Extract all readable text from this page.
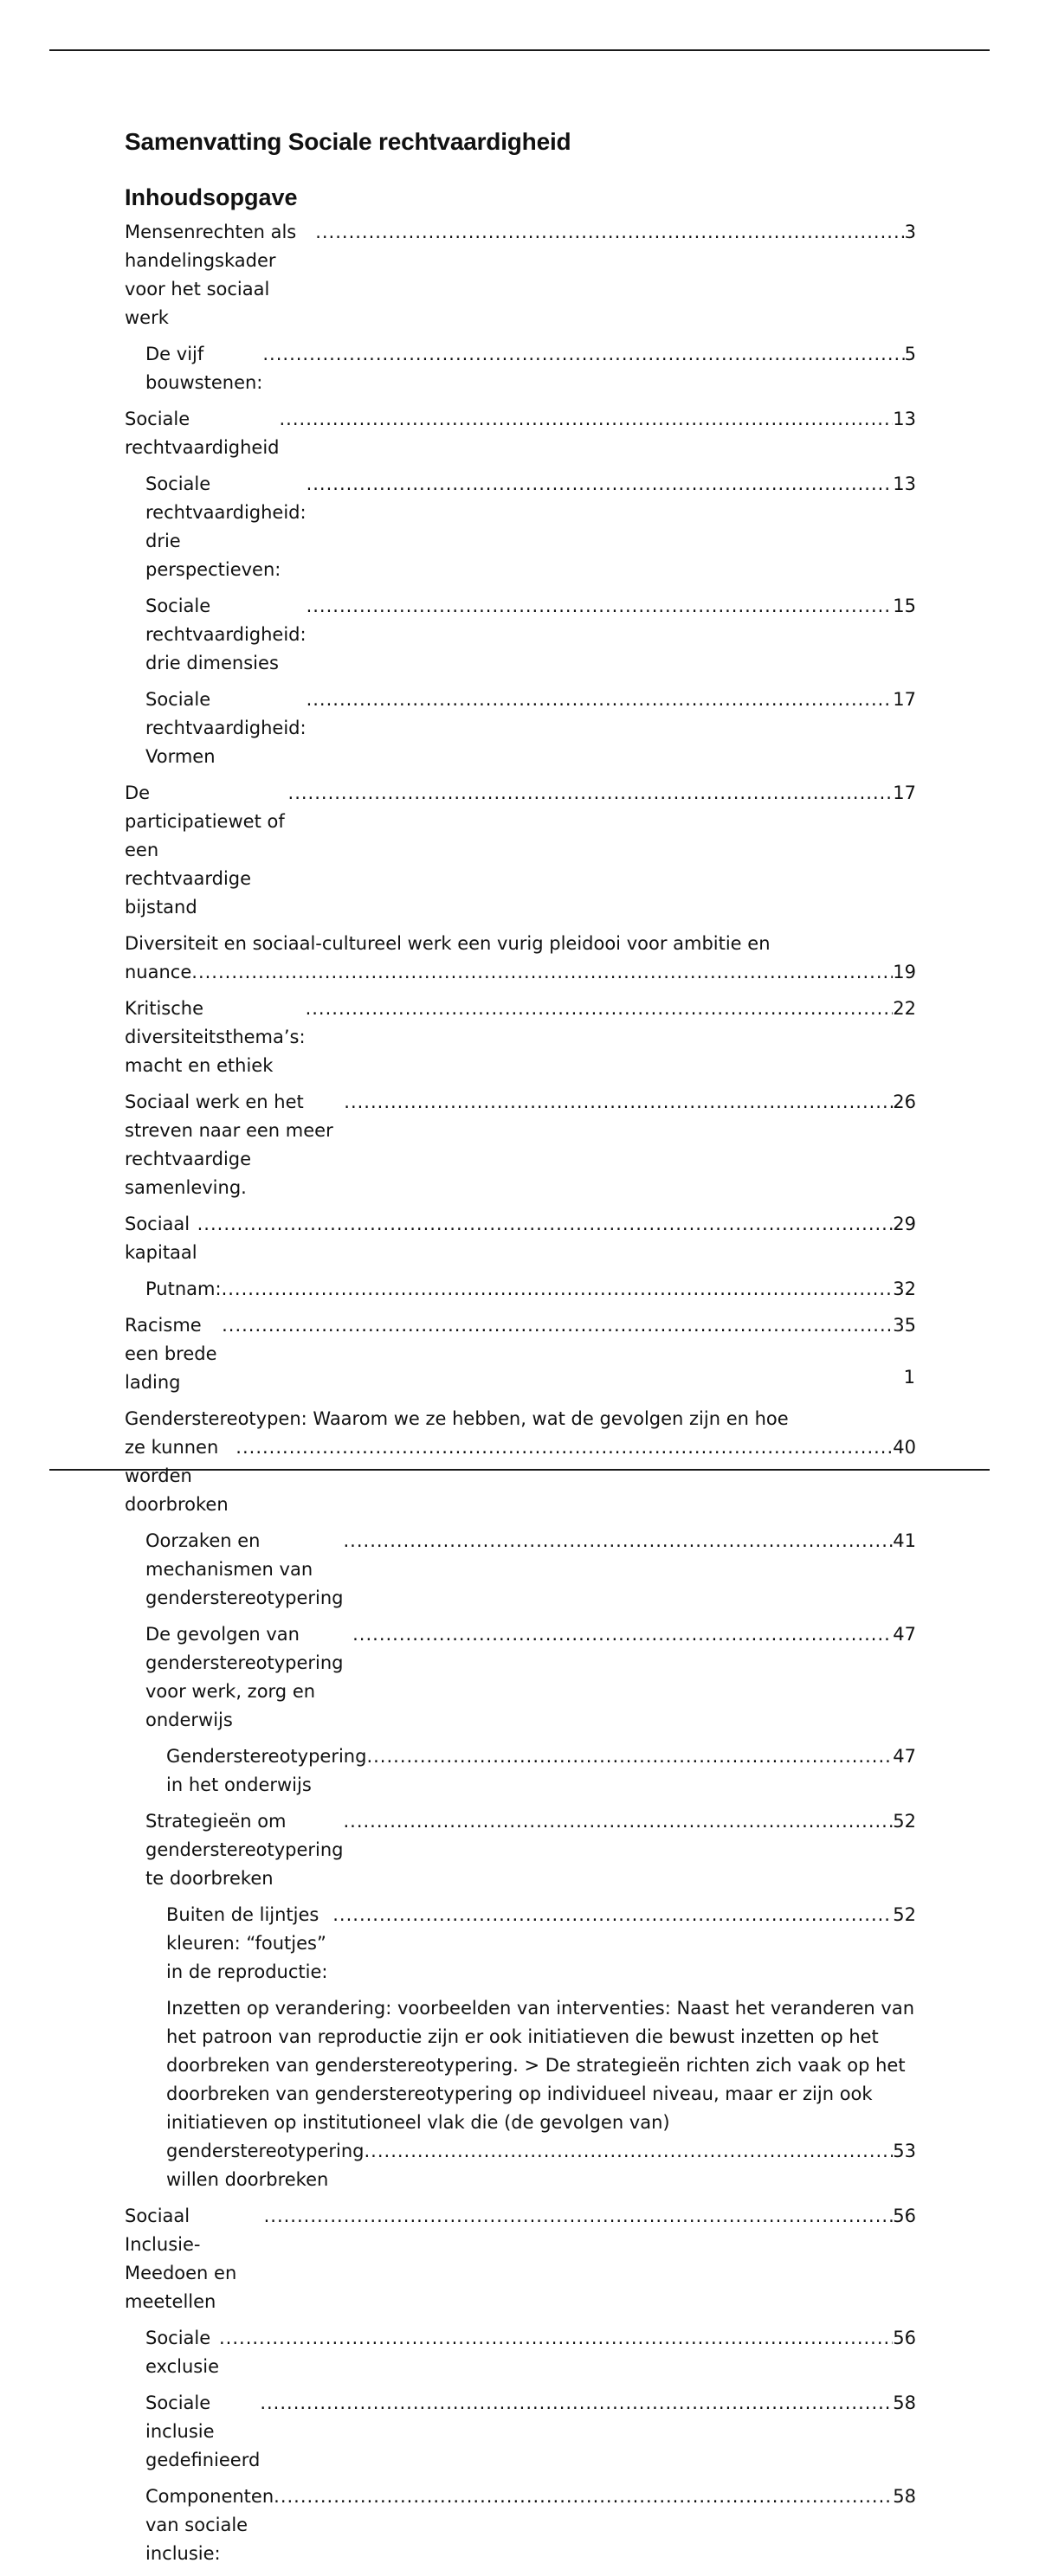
Samenvatting Sociale rechtvaardigheid
Inhoudsopgave
Mensenrechten als handelingskader voor het sociaal werk
.....
3
De vijf bouwstenen:
.....
5
Sociale rechtvaardigheid
.....
13
Sociale rechtvaardigheid: drie perspectieven:
.....
13
Sociale rechtvaardigheid: drie dimensies
.....
15
Sociale rechtvaardigheid: Vormen
.....
17
De participatiewet of een rechtvaardige bijstand
.....
17
Diversiteit en sociaal-cultureel werk een vurig pleidooi voor ambitie en
nuance .....	19
Kritische diversiteitsthema’s: macht en ethiek
.....
22
Sociaal werk en het streven naar een meer rechtvaardige samenleving.
.....
26
Sociaal kapitaal
.....
29
Putnam: .....	32
Racisme een brede lading
.....
35
Genderstereotypen: Waarom we ze hebben, wat de gevolgen zijn en hoe
ze kunnen worden doorbroken
.....
40
Oorzaken en mechanismen van genderstereotypering
.....
41
De gevolgen van genderstereotypering voor werk, zorg en onderwijs
.....
47
Genderstereotypering in het onderwijs
.....
47
Strategieën om genderstereotypering te doorbreken
.....
52
Buiten de lijntjes kleuren: “foutjes” in de reproductie:
.....
52
Inzetten op verandering: voorbeelden van interventies: Naast het veranderen van het patroon van reproductie zijn er ook initiatieven die bewust inzetten op het doorbreken van genderstereotypering. > De strategieën richten zich vaak op het doorbreken van genderstereotypering op individueel niveau, maar er zijn ook initiatieven op institutioneel vlak die (de gevolgen van)
genderstereotypering willen doorbreken
.....
53
Sociaal Inclusie- Meedoen en meetellen
.....
56
Sociale exclusie
.....
56
Sociale inclusie gedefinieerd
.....
58
Componenten van sociale inclusie:
.....
58
1
